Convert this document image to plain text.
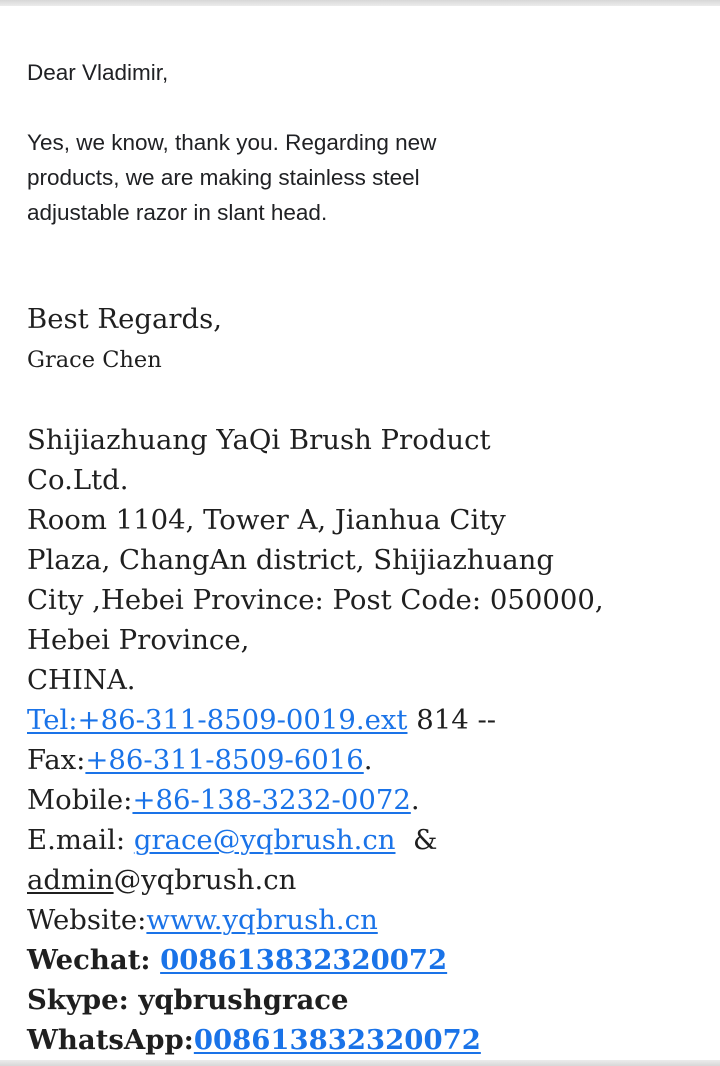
Dear Vladimir,
Yes, we know, thank you. Regarding new
products, we are making stainless steel
adjustable razor in slant head.
Best Regards,
Grace Chen
Shijiazhuang YaQi Brush Product
Co.Ltd.
Room 1104, Tower A, Jianhua City
Plaza, ChangAn district, Shijiazhuang
City ,Hebei Province: Post Code: 050000,
Hebei Province,
CHINA.
Tel:+86-311-8509-0019.ext 814 --
Fax:+86-311-8509-6016.
Mobile:+86-138-3232-0072.
E.mail: grace@yqbrush.cn  &
admin@yqbrush.cn
Website:www.yqbrush.cn
Wechat: 008613832320072
Skype: yqbrushgrace
WhatsApp:008613832320072
